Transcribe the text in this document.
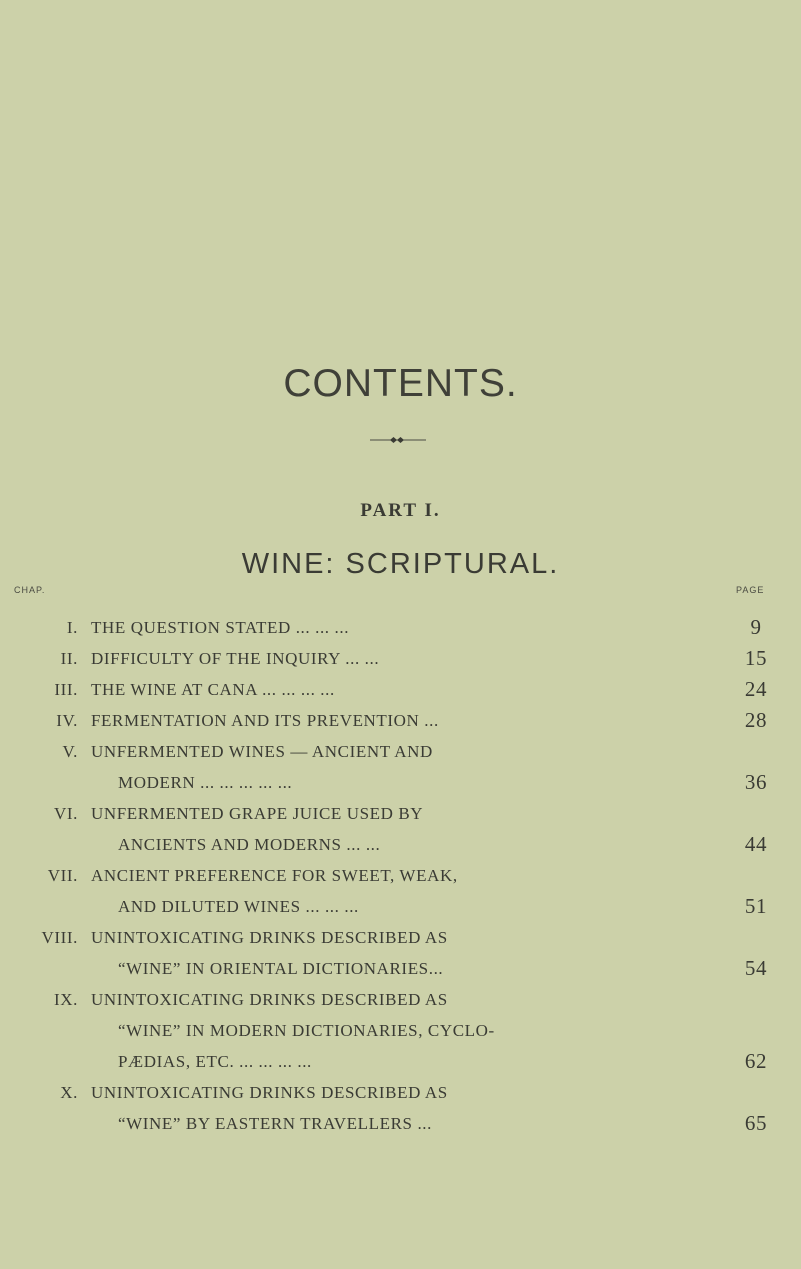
CONTENTS.
PART I.
WINE: SCRIPTURAL.
CHAP.	PAGE
I. THE QUESTION STATED ... ... ...	9
II. DIFFICULTY OF THE INQUIRY ... ...	15
III. THE WINE AT CANA ... ... ... ...	24
IV. FERMENTATION AND ITS PREVENTION ...	28
V. UNFERMENTED WINES — ANCIENT AND
MODERN ... ... ... ... ...	36
VI. UNFERMENTED GRAPE JUICE USED BY
ANCIENTS AND MODERNS ... ...	44
VII. ANCIENT PREFERENCE FOR SWEET, WEAK,
AND DILUTED WINES ... ... ...	51
VIII. UNINTOXICATING DRINKS DESCRIBED AS
“WINE” IN ORIENTAL DICTIONARIES...	54
IX. UNINTOXICATING DRINKS DESCRIBED AS
“WINE” IN MODERN DICTIONARIES, CYCLO-
PÆDIAS, ETC. ... ... ... ...	62
X. UNINTOXICATING DRINKS DESCRIBED AS
“WINE” BY EASTERN TRAVELLERS ...	65
